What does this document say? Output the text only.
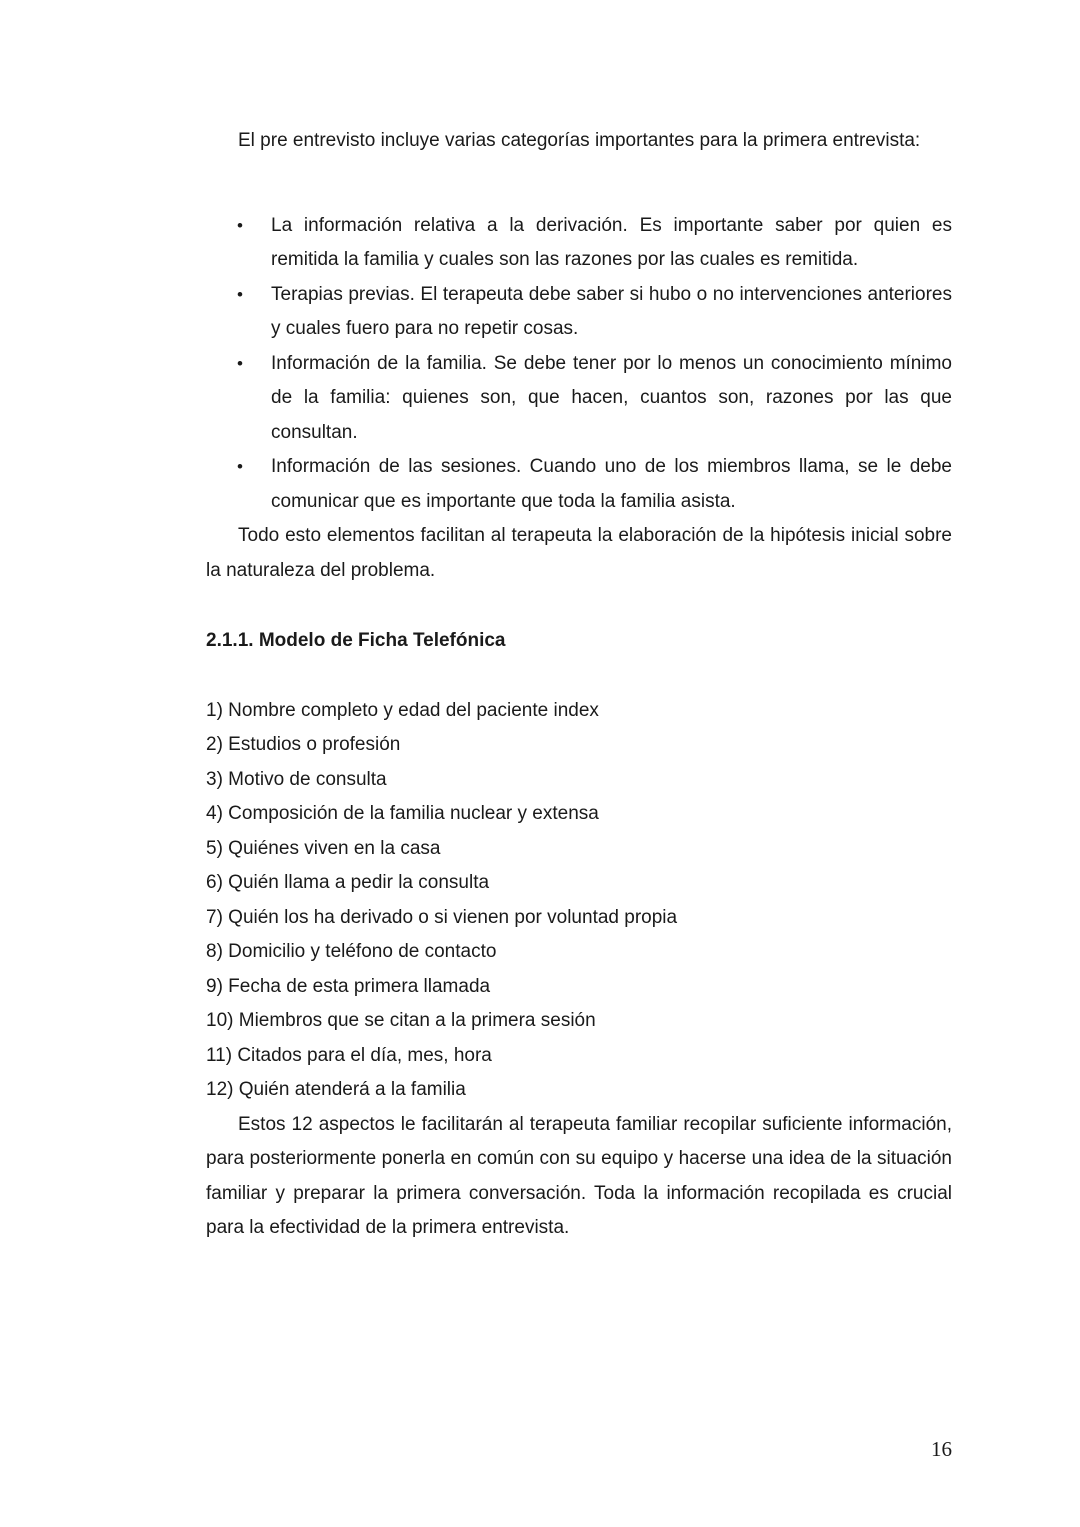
El pre entrevisto incluye varias categorías importantes para la primera entrevista:

• La información relativa a la derivación. Es importante saber por quien es remitida la familia y cuales son las razones por las cuales es remitida.
• Terapias previas. El terapeuta debe saber si hubo o no intervenciones anteriores y cuales fuero para no repetir cosas.
• Información de la familia. Se debe tener por lo menos un conocimiento mínimo de la familia: quienes son, que hacen, cuantos son, razones por las que consultan.
• Información de las sesiones. Cuando uno de los miembros llama, se le debe comunicar que es importante que toda la familia asista.

Todo esto elementos facilitan al terapeuta la elaboración de la hipótesis inicial sobre la naturaleza del problema.

2.1.1. Modelo de Ficha Telefónica
1) Nombre completo y edad del paciente index
2) Estudios o profesión
3) Motivo de consulta
4) Composición de la familia nuclear y extensa
5) Quiénes viven en la casa
6) Quién llama a pedir la consulta
7) Quién los ha derivado o si vienen por voluntad propia
8) Domicilio y teléfono de contacto
9) Fecha de esta primera llamada
10) Miembros que se citan a la primera sesión
11) Citados para el día, mes, hora
12) Quién atenderá a la familia

Estos 12 aspectos le facilitarán al terapeuta familiar recopilar suficiente información, para posteriormente ponerla en común con su equipo y hacerse una idea de la situación familiar y preparar la primera conversación. Toda la información recopilada es crucial para la efectividad de la primera entrevista.

16
